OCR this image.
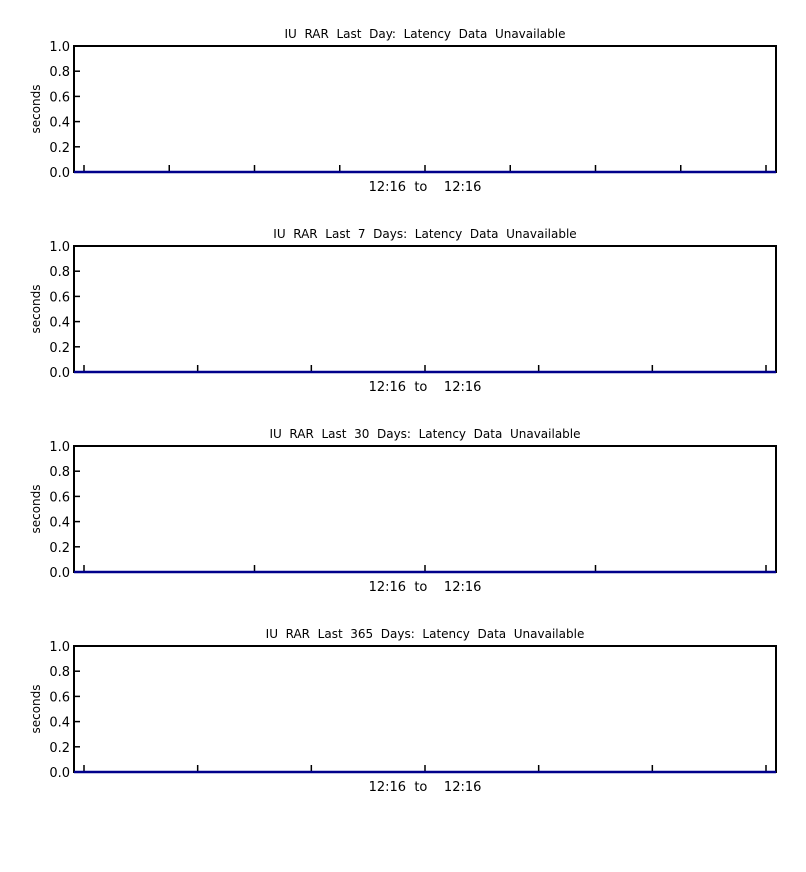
IU  RAR  Last  Day:  Latency  Data  Unavailable
0.0
0.2
0.4
0.6
0.8
1.0
seconds
12:16  to    12:16
IU  RAR  Last  7  Days:  Latency  Data  Unavailable
0.0
0.2
0.4
0.6
0.8
1.0
seconds
12:16  to    12:16
IU  RAR  Last  30  Days:  Latency  Data  Unavailable
0.0
0.2
0.4
0.6
0.8
1.0
seconds
12:16  to    12:16
IU  RAR  Last  365  Days:  Latency  Data  Unavailable
0.0
0.2
0.4
0.6
0.8
1.0
seconds
12:16  to    12:16
